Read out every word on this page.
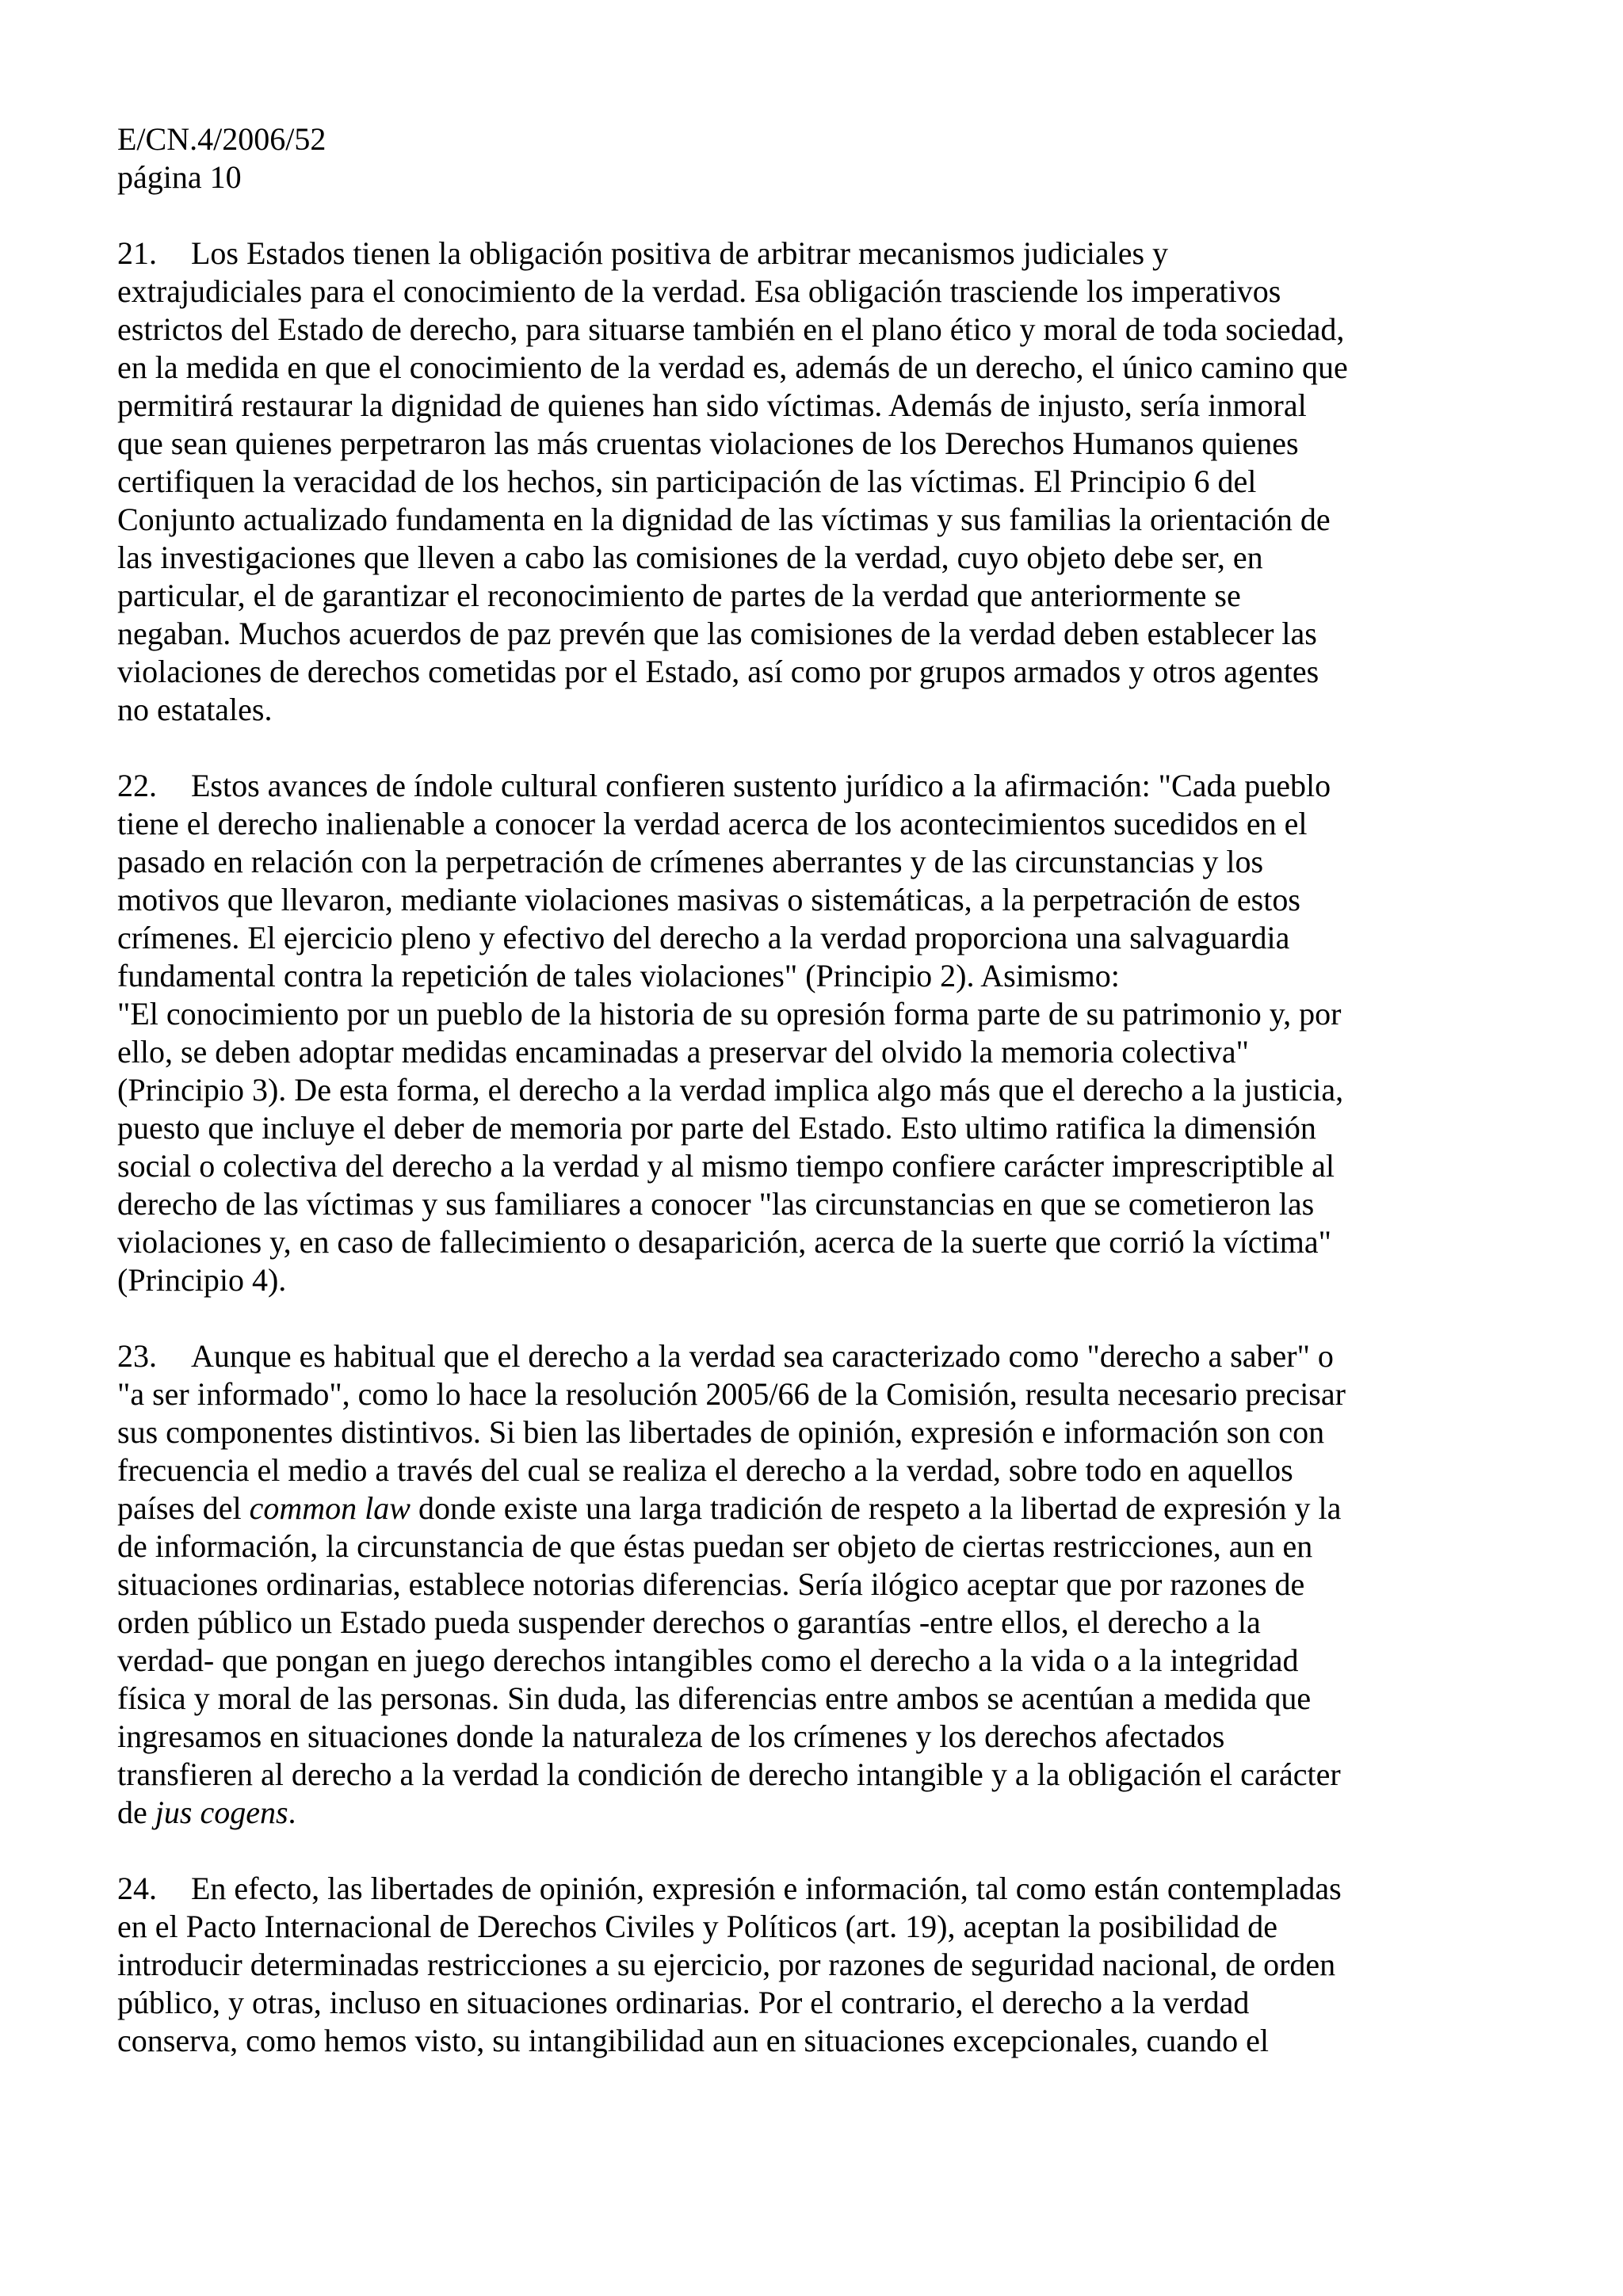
E/CN.4/2006/52
página 10
21. Los Estados tienen la obligación positiva de arbitrar mecanismos judiciales y
extrajudiciales para el conocimiento de la verdad. Esa obligación trasciende los imperativos
estrictos del Estado de derecho, para situarse también en el plano ético y moral de toda sociedad,
en la medida en que el conocimiento de la verdad es, además de un derecho, el único camino que
permitirá restaurar la dignidad de quienes han sido víctimas. Además de injusto, sería inmoral
que sean quienes perpetraron las más cruentas violaciones de los Derechos Humanos quienes
certifiquen la veracidad de los hechos, sin participación de las víctimas. El Principio 6 del
Conjunto actualizado fundamenta en la dignidad de las víctimas y sus familias la orientación de
las investigaciones que lleven a cabo las comisiones de la verdad, cuyo objeto debe ser, en
particular, el de garantizar el reconocimiento de partes de la verdad que anteriormente se
negaban. Muchos acuerdos de paz prevén que las comisiones de la verdad deben establecer las
violaciones de derechos cometidas por el Estado, así como por grupos armados y otros agentes
no estatales.
22. Estos avances de índole cultural confieren sustento jurídico a la afirmación: "Cada pueblo
tiene el derecho inalienable a conocer la verdad acerca de los acontecimientos sucedidos en el
pasado en relación con la perpetración de crímenes aberrantes y de las circunstancias y los
motivos que llevaron, mediante violaciones masivas o sistemáticas, a la perpetración de estos
crímenes. El ejercicio pleno y efectivo del derecho a la verdad proporciona una salvaguardia
fundamental contra la repetición de tales violaciones" (Principio 2). Asimismo:
"El conocimiento por un pueblo de la historia de su opresión forma parte de su patrimonio y, por
ello, se deben adoptar medidas encaminadas a preservar del olvido la memoria colectiva"
(Principio 3). De esta forma, el derecho a la verdad implica algo más que el derecho a la justicia,
puesto que incluye el deber de memoria por parte del Estado. Esto ultimo ratifica la dimensión
social o colectiva del derecho a la verdad y al mismo tiempo confiere carácter imprescriptible al
derecho de las víctimas y sus familiares a conocer "las circunstancias en que se cometieron las
violaciones y, en caso de fallecimiento o desaparición, acerca de la suerte que corrió la víctima"
(Principio 4).
23. Aunque es habitual que el derecho a la verdad sea caracterizado como "derecho a saber" o
"a ser informado", como lo hace la resolución 2005/66 de la Comisión, resulta necesario precisar
sus componentes distintivos. Si bien las libertades de opinión, expresión e información son con
frecuencia el medio a través del cual se realiza el derecho a la verdad, sobre todo en aquellos
países del common law donde existe una larga tradición de respeto a la libertad de expresión y la
de información, la circunstancia de que éstas puedan ser objeto de ciertas restricciones, aun en
situaciones ordinarias, establece notorias diferencias. Sería ilógico aceptar que por razones de
orden público un Estado pueda suspender derechos o garantías -entre ellos, el derecho a la
verdad- que pongan en juego derechos intangibles como el derecho a la vida o a la integridad
física y moral de las personas. Sin duda, las diferencias entre ambos se acentúan a medida que
ingresamos en situaciones donde la naturaleza de los crímenes y los derechos afectados
transfieren al derecho a la verdad la condición de derecho intangible y a la obligación el carácter
de jus cogens.
24. En efecto, las libertades de opinión, expresión e información, tal como están contempladas
en el Pacto Internacional de Derechos Civiles y Políticos (art. 19), aceptan la posibilidad de
introducir determinadas restricciones a su ejercicio, por razones de seguridad nacional, de orden
público, y otras, incluso en situaciones ordinarias. Por el contrario, el derecho a la verdad
conserva, como hemos visto, su intangibilidad aun en situaciones excepcionales, cuando el
